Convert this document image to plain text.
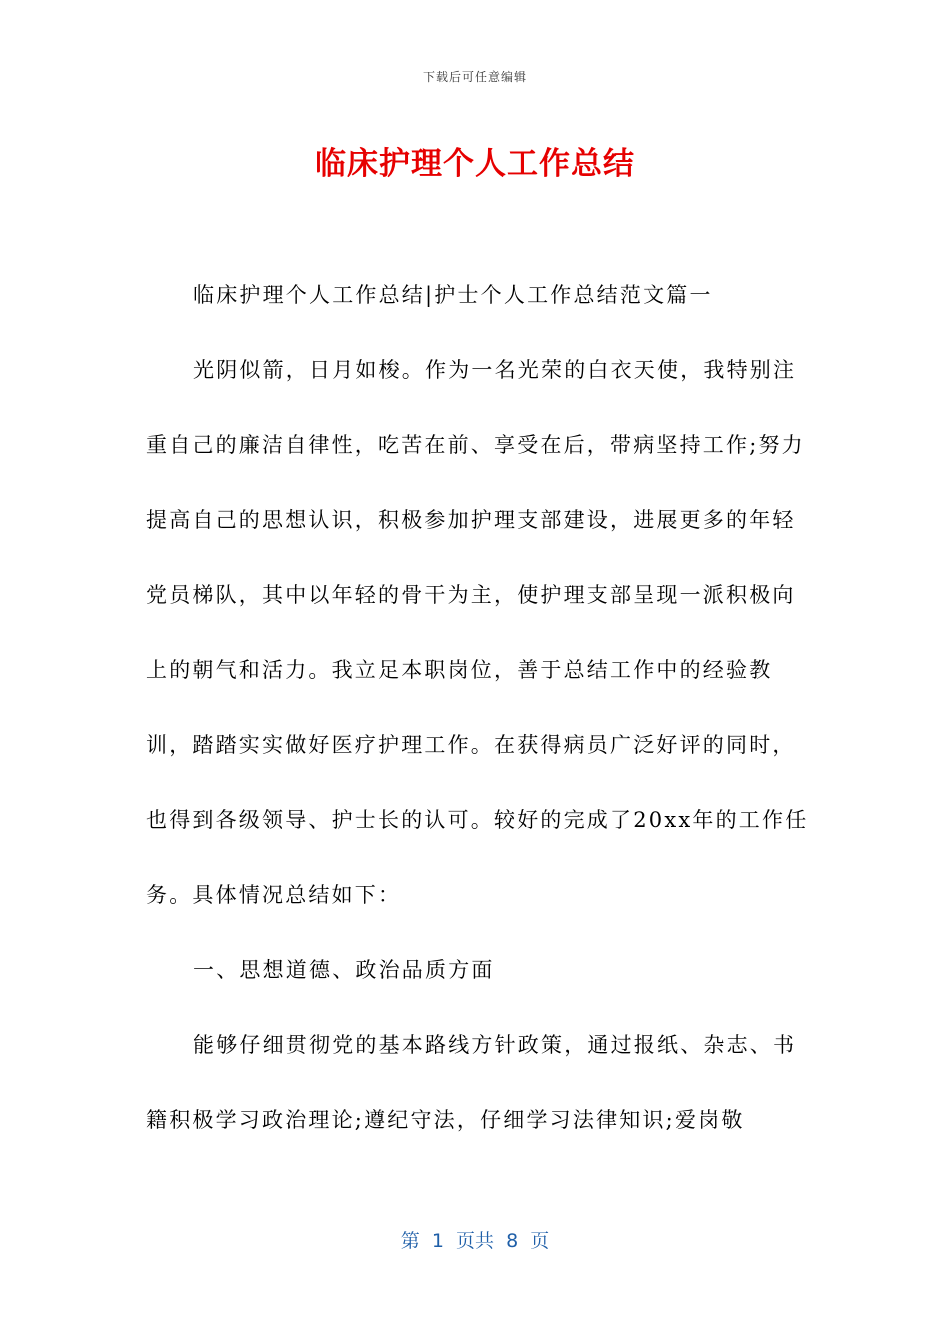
下载后可任意编辑
临床护理个人工作总结

临床护理个人工作总结|护士个人工作总结范文篇一

光阴似箭，日月如梭。作为一名光荣的白衣天使，我特别注重自己的廉洁自律性，吃苦在前、享受在后，带病坚持工作;努力提高自己的思想认识，积极参加护理支部建设，进展更多的年轻党员梯队，其中以年轻的骨干为主，使护理支部呈现一派积极向上的朝气和活力。我立足本职岗位，善于总结工作中的经验教训，踏踏实实做好医疗护理工作。在获得病员广泛好评的同时，也得到各级领导、护士长的认可。较好的完成了20xx年的工作任务。具体情况总结如下：

一、思想道德、政治品质方面

能够仔细贯彻党的基本路线方针政策，通过报纸、杂志、书籍积极学习政治理论;遵纪守法，仔细学习法律知识;爱岗敬

第  1  页共  8  页
